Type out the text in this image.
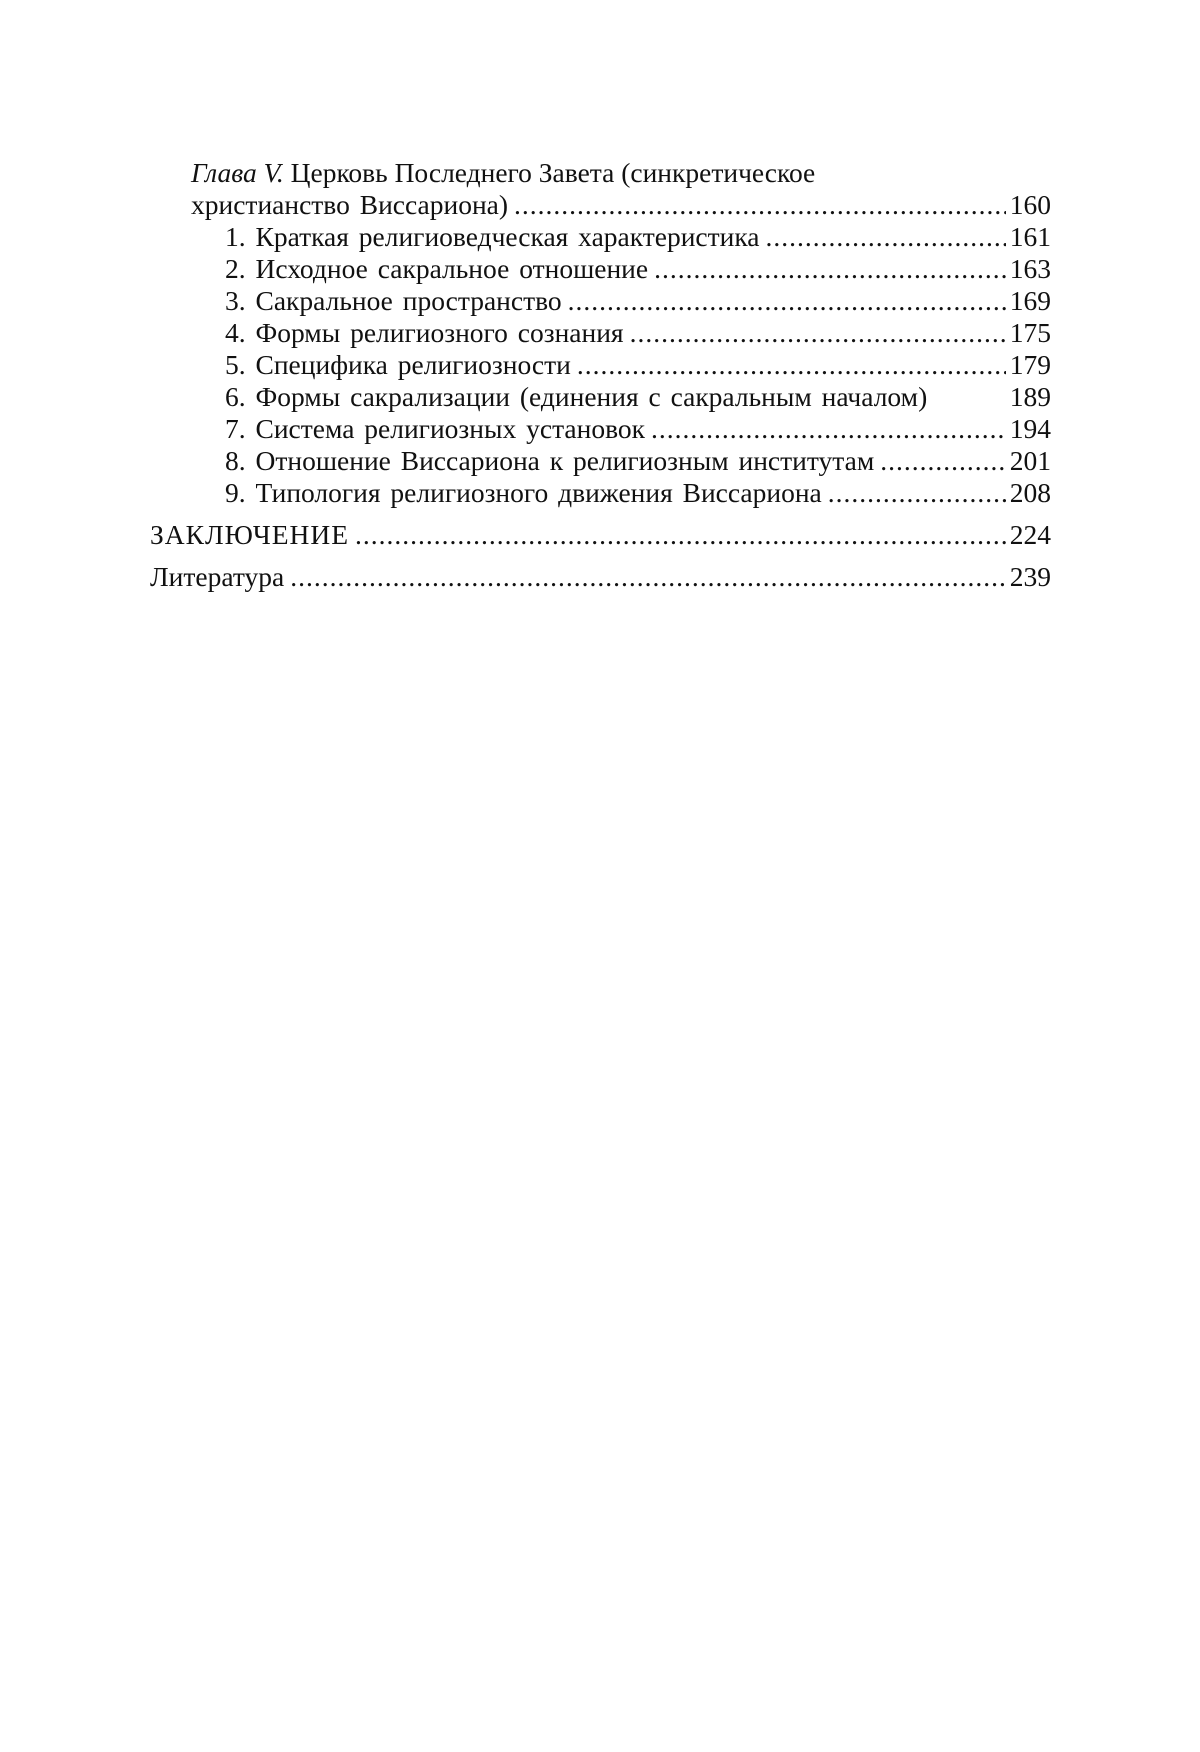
Глава V. Церковь Последнего Завета (синкретическое
христианство Виссариона) .....	160
1. Краткая религиоведческая характеристика .....	161
2. Исходное сакральное отношение .....	163
3. Сакральное пространство .....	169
4. Формы религиозного сознания .....	175
5. Специфика религиозности .....	179
6. Формы сакрализации (единения с сакральным началом)	189
7. Система религиозных установок .....	194
8. Отношение Виссариона к религиозным институтам .....	201
9. Типология религиозного движения Виссариона .....	208
ЗАКЛЮЧЕНИЕ .....	224
Литература .....	239
